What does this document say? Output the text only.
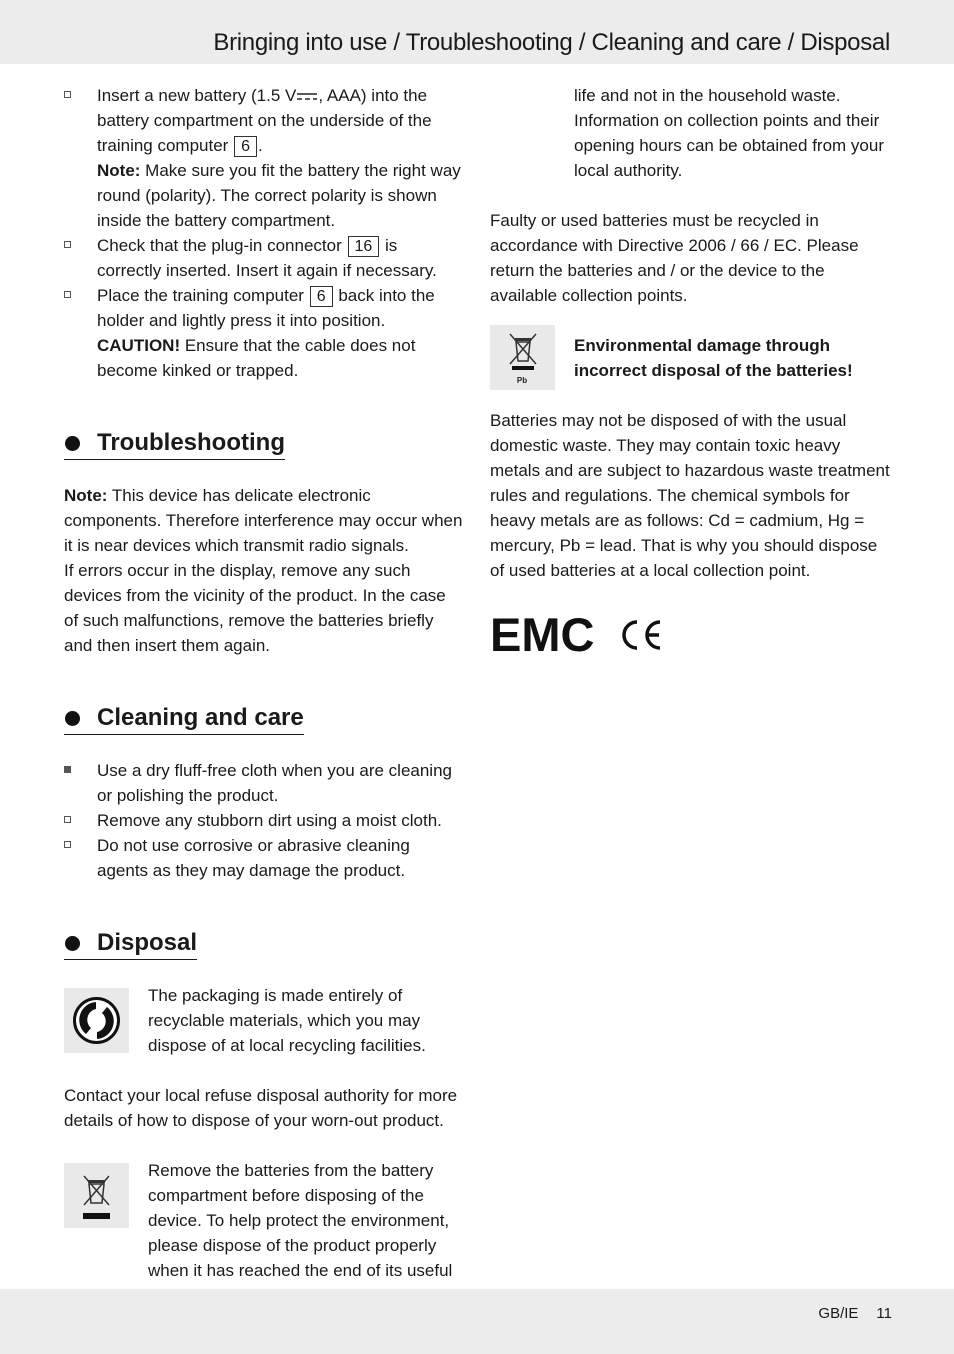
Bringing into use / Troubleshooting / Cleaning and care / Disposal
Insert a new battery (1.5 V , AAA) into the battery compartment on the underside of the training computer 6 .
Note: Make sure you fit the battery the right way round (polarity). The correct polarity is shown inside the battery compartment.
Check that the plug-in connector 16 is correctly inserted. Insert it again if necessary.
Place the training computer 6 back into the holder and lightly press it into position.
CAUTION! Ensure that the cable does not become kinked or trapped.
Troubleshooting

Note: This device has delicate electronic components. Therefore interference may occur when it is near devices which transmit radio signals.

If errors occur in the display, remove any such devices from the vicinity of the product. In the case of such malfunctions, remove the batteries briefly and then insert them again.

Cleaning and care
Use a dry fluff-free cloth when you are cleaning or polishing the product.
Remove any stubborn dirt using a moist cloth.
Do not use corrosive or abrasive cleaning agents as they may damage the product.
Disposal
The packaging is made entirely of recyclable materials, which you may dispose of at local recycling facilities.
Contact your local refuse disposal authority for more details of how to dispose of your worn-out product.
Remove the batteries from the battery compartment before disposing of the device. To help protect the environment, please dispose of the product properly when it has reached the end of its useful
life and not in the household waste. Information on collection points and their opening hours can be obtained from your local authority.
Faulty or used batteries must be recycled in accordance with Directive 2006 / 66 / EC. Please return the batteries and / or the device to the available collection points.
Pb
Environmental damage through incorrect disposal of the batteries!
Batteries may not be disposed of with the usual domestic waste. They may contain toxic heavy metals and are subject to hazardous waste treatment rules and regulations. The chemical symbols for heavy metals are as follows: Cd = cadmium, Hg = mercury, Pb = lead. That is why you should dispose of used batteries at a local collection point.
EMC
GB/IE 11
